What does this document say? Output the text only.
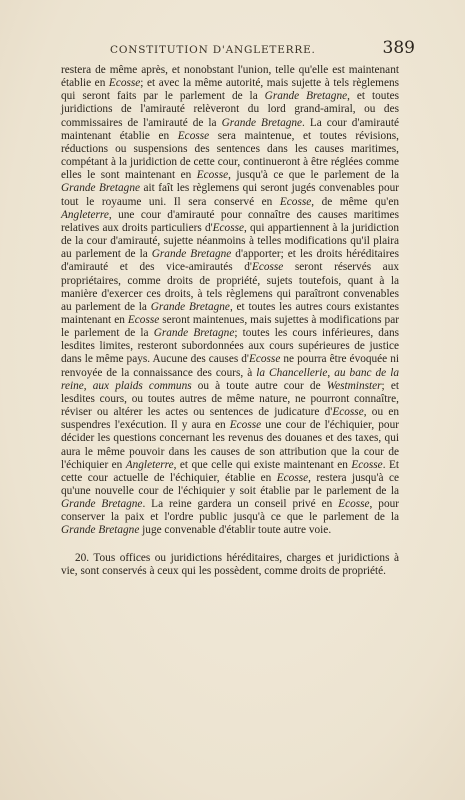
CONSTITUTION D'ANGLETERRE.	389

restera de même après, et nonobstant l'union, telle qu'elle est maintenant établie en Ecosse; et avec la même autorité, mais sujette à tels règlemens qui seront faits par le parlement de la Grande Bretagne, et toutes juridictions de l'amirauté relèveront du lord grand-amiral, ou des commissaires de l'amirauté de la Grande Bretagne. La cour d'amirauté maintenant établie en Ecosse sera maintenue, et toutes révisions, réductions ou suspensions des sentences dans les causes maritimes, compétant à la juridiction de cette cour, continueront à être réglées comme elles le sont maintenant en Ecosse, jusqu'à ce que le parlement de la Grande Bretagne ait faît les règlemens qui seront jugés convenables pour tout le royaume uni. Il sera conservé en Ecosse, de même qu'en Angleterre, une cour d'amirauté pour connaître des causes maritimes relatives aux droits particuliers d'Ecosse, qui appartiennent à la juridiction de la cour d'amirauté, sujette néanmoins à telles modifications qu'il plaira au parlement de la Grande Bretagne d'apporter; et les droits héréditaires d'amirauté et des vice-amirautés d'Ecosse seront réservés aux propriétaires, comme droits de propriété, sujets toutefois, quant à la manière d'exercer ces droits, à tels règlemens qui paraîtront convenables au parlement de la Grande Bretagne, et toutes les autres cours existantes maintenant en Ecosse seront maintenues, mais sujettes à modifications par le parlement de la Grande Bretagne; toutes les cours inférieures, dans lesdites limites, resteront subordonnées aux cours supérieures de justice dans le même pays. Aucune des causes d'Ecosse ne pourra être évoquée ni renvoyée de la connaissance des cours, à la Chancellerie, au banc de la reine, aux plaids communs ou à toute autre cour de Westminster; et lesdites cours, ou toutes autres de même nature, ne pourront connaître, réviser ou altérer les actes ou sentences de judicature d'Ecosse, ou en suspendres l'exécution. Il y aura en Ecosse une cour de l'échiquier, pour décider les questions concernant les revenus des douanes et des taxes, qui aura le même pouvoir dans les causes de son attribution que la cour de l'échiquier en Angleterre, et que celle qui existe maintenant en Ecosse. Et cette cour actuelle de l'échiquier, établie en Ecosse, restera jusqu'à ce qu'une nouvelle cour de l'échiquier y soit établie par le parlement de la Grande Bretagne. La reine gardera un conseil privé en Ecosse, pour conserver la paix et l'ordre public jusqu'à ce que le parlement de la Grande Bretagne juge convenable d'établir toute autre voie.

20. Tous offices ou juridictions héréditaires, charges et juridictions à vie, sont conservés à ceux qui les possèdent, comme droits de propriété.
